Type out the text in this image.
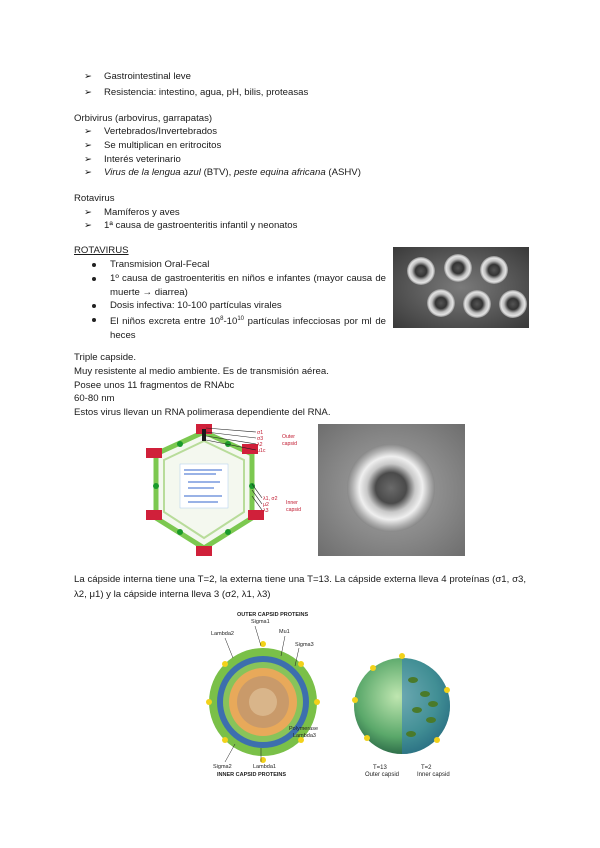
➢ Gastrointestinal leve
➢ Resistencia: intestino, agua, pH, bilis, proteasas
Orbivirus (arbovirus, garrapatas)
➢ Vertebrados/Invertebrados
➢ Se multiplican en eritrocitos
➢ Interés veterinario
➢ Virus de la lengua azul (BTV), peste equina africana (ASHV)
Rotavirus
➢ Mamíferos y aves
➢ 1ª causa de gastroenteritis infantil y neonatos
ROTAVIRUS
Transmision Oral-Fecal
1º causa de gastroenteritis en niños e infantes (mayor causa de muerte → diarrea)
Dosis infectiva: 10-100 partículas virales
El niños excreta entre $10^8-10^{10}$ partículas infecciosas por ml de heces
Triple capside.
Muy resistente al medio ambiente. Es de transmisión aérea.
Posee unos 11 fragmentos de RNAbc
60-80 nm
Estos virus llevan un RNA polimerasa dependiente del RNA.
σ1
σ3
λ2
μ1c
Outer
capsid
λ1, σ2
μ2
λ3
Inner
capsid
La cápside interna tiene una T=2, la externa tiene una T=13. La cápside externa lleva 4 proteínas (σ1, σ3, λ2, μ1) y la cápside interna lleva 3 (σ2, λ1, λ3)
OUTER CAPSID PROTEINS
Sigma1
Lambda2	Mu1
Sigma3
Polymerase
Lambda3
Sigma2	Lambda1
INNER CAPSID PROTEINS
T=13
Outer capsid
T=2
Inner capsid
